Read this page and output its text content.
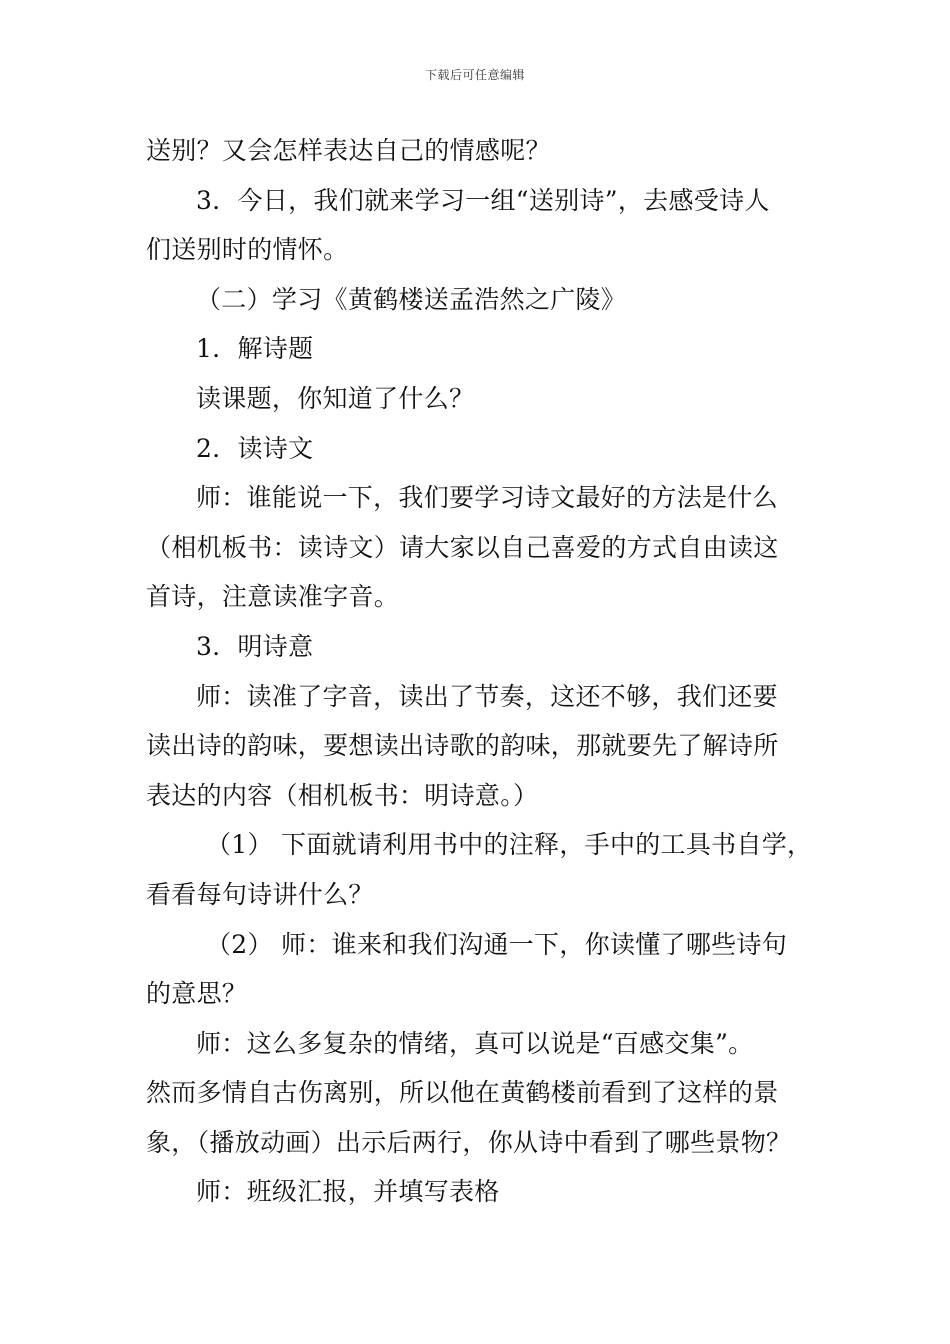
下载后可任意编辑
送别？又会怎样表达自己的情感呢？
3．今日，我们就来学习一组“送别诗”，去感受诗人
们送别时的情怀。
（二）学习《黄鹤楼送孟浩然之广陵》
1．解诗题
读课题，你知道了什么？
2．读诗文
师：谁能说一下，我们要学习诗文最好的方法是什么
（相机板书：读诗文）请大家以自己喜爱的方式自由读这
首诗，注意读准字音。
3．明诗意
师：读准了字音，读出了节奏，这还不够，我们还要
读出诗的韵味，要想读出诗歌的韵味，那就要先了解诗所
表达的内容（相机板书：明诗意。）
（1） 下面就请利用书中的注释，手中的工具书自学，
看看每句诗讲什么？
（2） 师：谁来和我们沟通一下，你读懂了哪些诗句
的意思？
师：这么多复杂的情绪，真可以说是“百感交集”。
然而多情自古伤离别，所以他在黄鹤楼前看到了这样的景
象，（播放动画）出示后两行，你从诗中看到了哪些景物？
师：班级汇报，并填写表格
